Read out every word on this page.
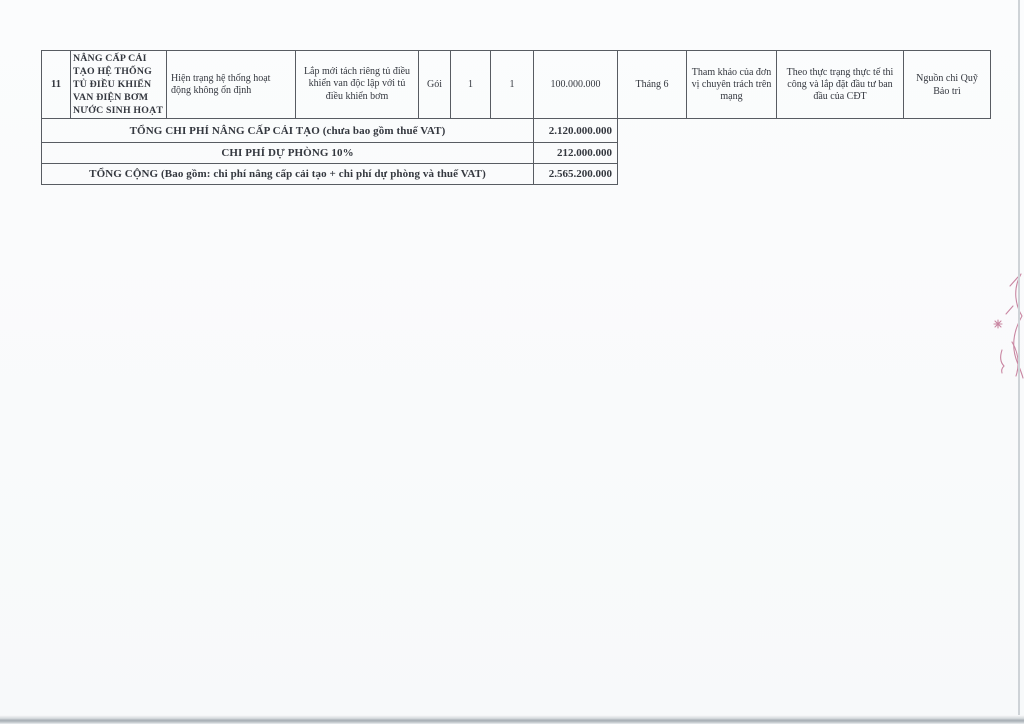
11	NÂNG CẤP CẢI TẠO HỆ THỐNG TỦ ĐIỀU KHIỂN VAN ĐIỆN BƠM NƯỚC SINH HOẠT	Hiện trạng hệ thống hoạt động không ổn định	Lắp mới tách riêng tủ điều khiển van độc lập với tủ điều khiển bơm	Gói	1	1	100.000.000	Tháng 6	Tham khảo của đơn vị chuyên trách trên mạng	Theo thực trạng thực tế thi công và lắp đặt đầu tư ban đầu của CĐT	Nguồn chi Quỹ Bảo trì
TỔNG CHI PHÍ NÂNG CẤP CẢI TẠO (chưa bao gồm thuế VAT)	2.120.000.000
CHI PHÍ DỰ PHÒNG 10%	212.000.000
TỔNG CỘNG (Bao gồm: chi phí nâng cấp cải tạo + chi phí dự phòng và thuế VAT)	2.565.200.000
